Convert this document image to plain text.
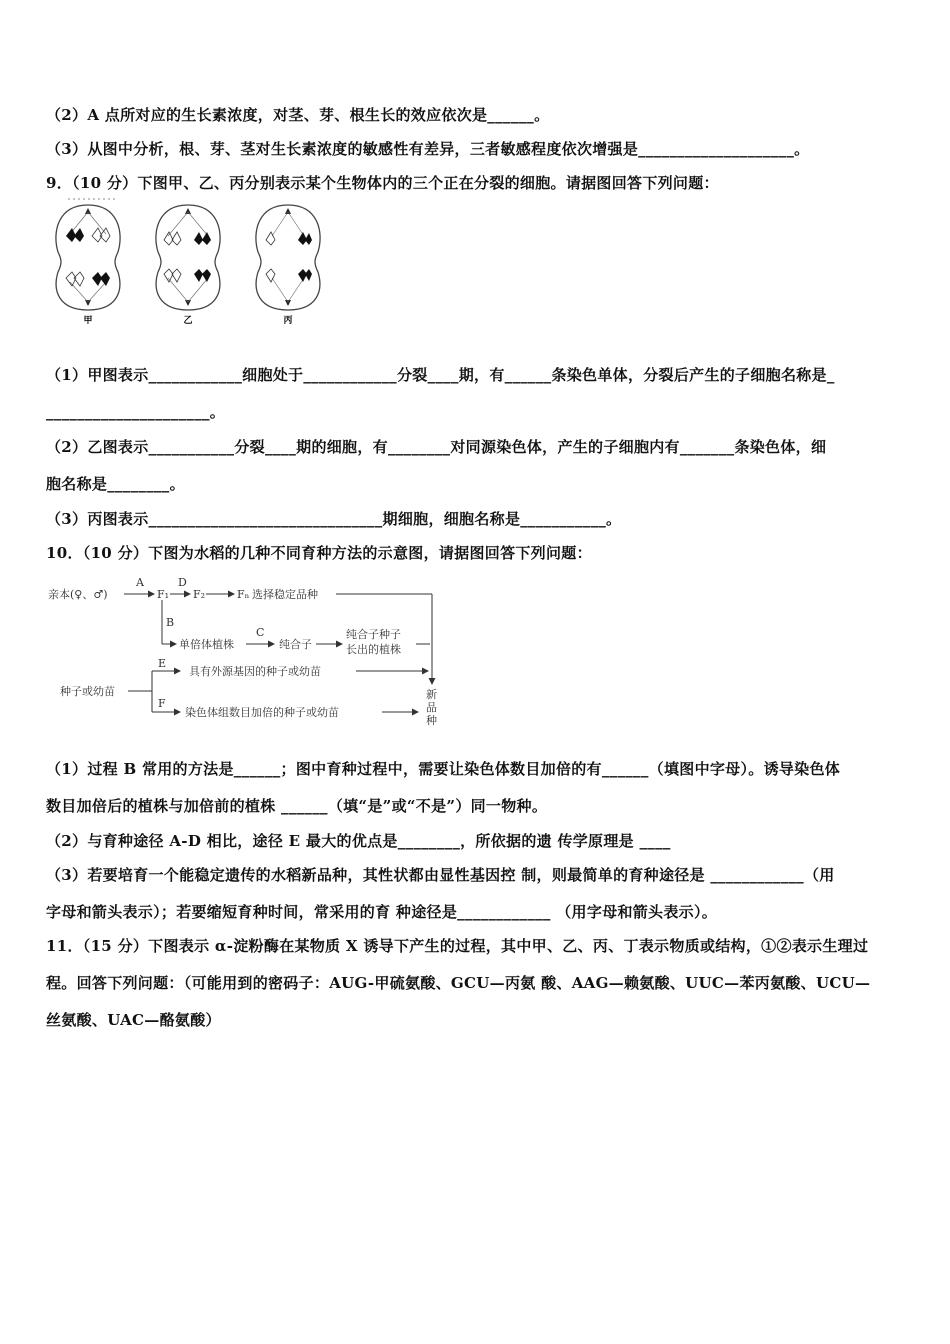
（2）A 点所对应的生长素浓度，对茎、芽、根生长的效应依次是______。
（3）从图中分析，根、芽、茎对生长素浓度的敏感性有差异，三者敏感程度依次增强是____________________。
9．（10 分）下图甲、乙、丙分别表示某个生物体内的三个正在分裂的细胞。请据图回答下列问题：
甲	乙	丙
（1）甲图表示____________细胞处于____________分裂____期，有______条染色单体，分裂后产生的子细胞名称是_
_____________________。
（2）乙图表示___________分裂____期的细胞，有________对同源染色体，产生的子细胞内有_______条染色体，细
胞名称是________。
（3）丙图表示______________________________期细胞，细胞名称是___________。
10．（10 分）下图为水稻的几种不同育种方法的示意图，请据图回答下列问题：
亲本(♀、♂)
A
F₁
D
F₂	Fₙ 选择稳定品种
B
单倍体植株
C
纯合子
纯合子种子
长出的植株
种子或幼苗
E
具有外源基因的种子或幼苗
F
染色体组数目加倍的种子或幼苗
新
品
种
（1）过程 B 常用的方法是______；图中育种过程中，需要让染色体数目加倍的有______（填图中字母）。诱导染色体
数目加倍后的植株与加倍前的植株 ______（填“是”或“不是”）同一物种。
（2）与育种途径 A-D 相比，途径 E 最大的优点是________，所依据的遗 传学原理是 ____
（3）若要培育一个能稳定遗传的水稻新品种，其性状都由显性基因控 制，则最简单的育种途径是 ____________（用
字母和箭头表示）；若要缩短育种时间，常采用的育 种途径是____________ （用字母和箭头表示）。
11．（15 分）下图表示 α-淀粉酶在某物质 X 诱导下产生的过程，其中甲、乙、丙、丁表示物质或结构，①②表示生理过
程。回答下列问题：（可能用到的密码子：AUG-甲硫氨酸、GCU—丙氨 酸、AAG—赖氨酸、UUC—苯丙氨酸、UCU—
丝氨酸、UAC—酪氨酸）
